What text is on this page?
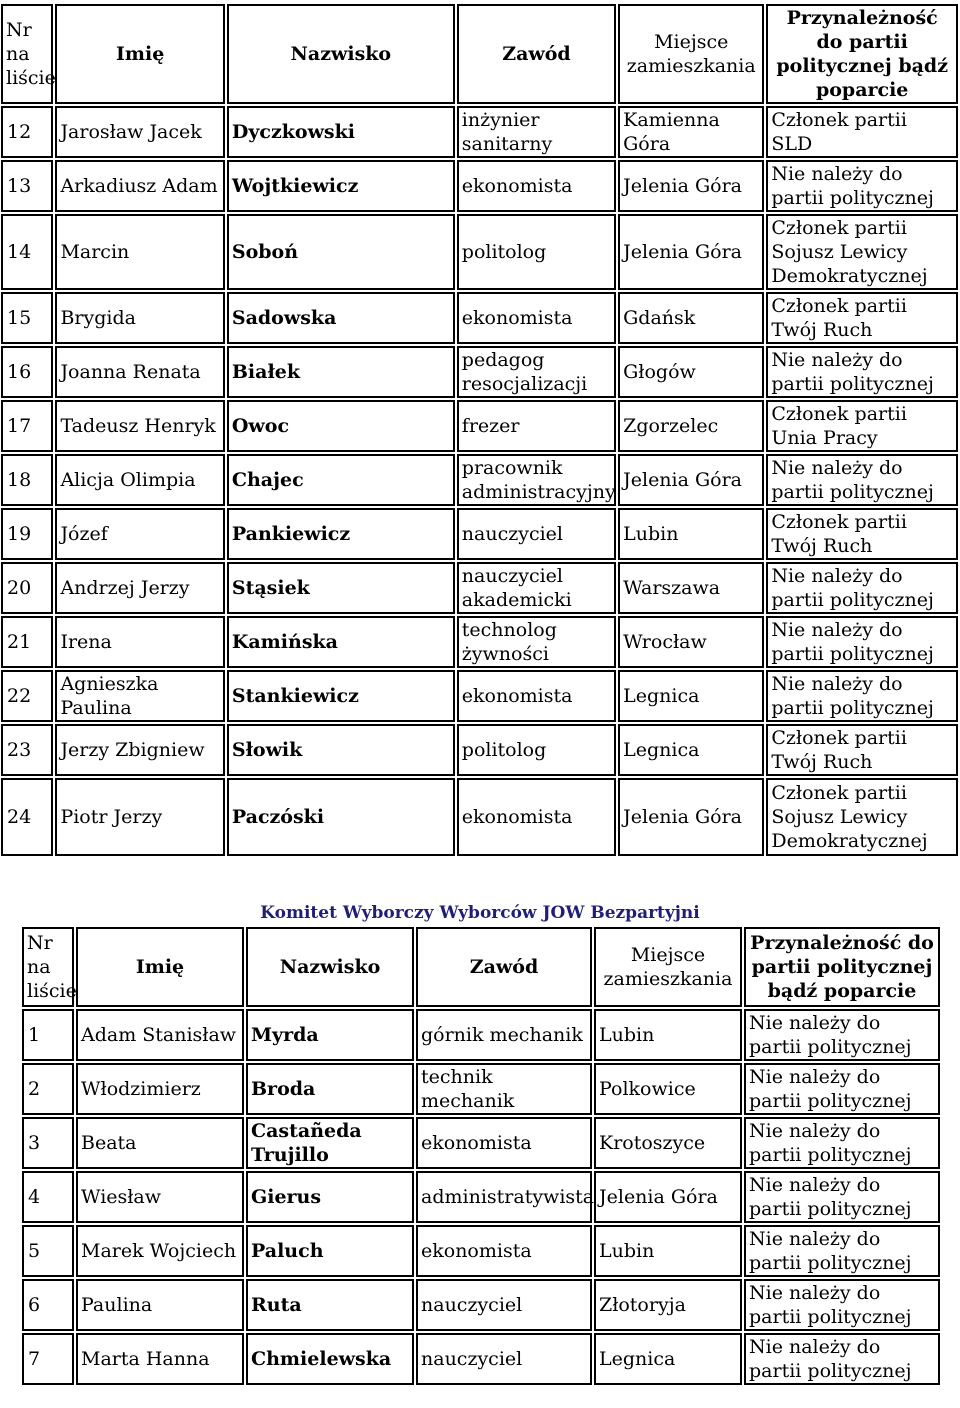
Nr
na
liście	Imię	Nazwisko	Zawód	Miejsce zamieszkania	Przynależność do partii politycznej bądź poparcie
12	Jarosław Jacek	Dyczkowski	inżynier sanitarny	Kamienna Góra	Członek partii SLD
13	Arkadiusz Adam	Wojtkiewicz	ekonomista	Jelenia Góra	Nie należy do partii politycznej
14	Marcin	Soboń	politolog	Jelenia Góra	Członek partii Sojusz Lewicy Demokratycznej
15	Brygida	Sadowska	ekonomista	Gdańsk	Członek partii Twój Ruch
16	Joanna Renata	Białek	pedagog resocjalizacji	Głogów	Nie należy do partii politycznej
17	Tadeusz Henryk	Owoc	frezer	Zgorzelec	Członek partii Unia Pracy
18	Alicja Olimpia	Chajec	pracownik administracyjny	Jelenia Góra	Nie należy do partii politycznej
19	Józef	Pankiewicz	nauczyciel	Lubin	Członek partii Twój Ruch
20	Andrzej Jerzy	Stąsiek	nauczyciel akademicki	Warszawa	Nie należy do partii politycznej
21	Irena	Kamińska	technolog żywności	Wrocław	Nie należy do partii politycznej
22	Agnieszka Paulina	Stankiewicz	ekonomista	Legnica	Nie należy do partii politycznej
23	Jerzy Zbigniew	Słowik	politolog	Legnica	Członek partii Twój Ruch
24	Piotr Jerzy	Paczóski	ekonomista	Jelenia Góra	Członek partii Sojusz Lewicy Demokratycznej
Komitet Wyborczy Wyborców JOW Bezpartyjni
Nr
na
liście	Imię	Nazwisko	Zawód	Miejsce zamieszkania	Przynależność do partii politycznej bądź poparcie
1	Adam Stanisław	Myrda	górnik mechanik	Lubin	Nie należy do partii politycznej
2	Włodzimierz	Broda	technik mechanik	Polkowice	Nie należy do partii politycznej
3	Beata	Castañeda Trujillo	ekonomista	Krotoszyce	Nie należy do partii politycznej
4	Wiesław	Gierus	administratywista	Jelenia Góra	Nie należy do partii politycznej
5	Marek Wojciech	Paluch	ekonomista	Lubin	Nie należy do partii politycznej
6	Paulina	Ruta	nauczyciel	Złotoryja	Nie należy do partii politycznej
7	Marta Hanna	Chmielewska	nauczyciel	Legnica	Nie należy do partii politycznej
